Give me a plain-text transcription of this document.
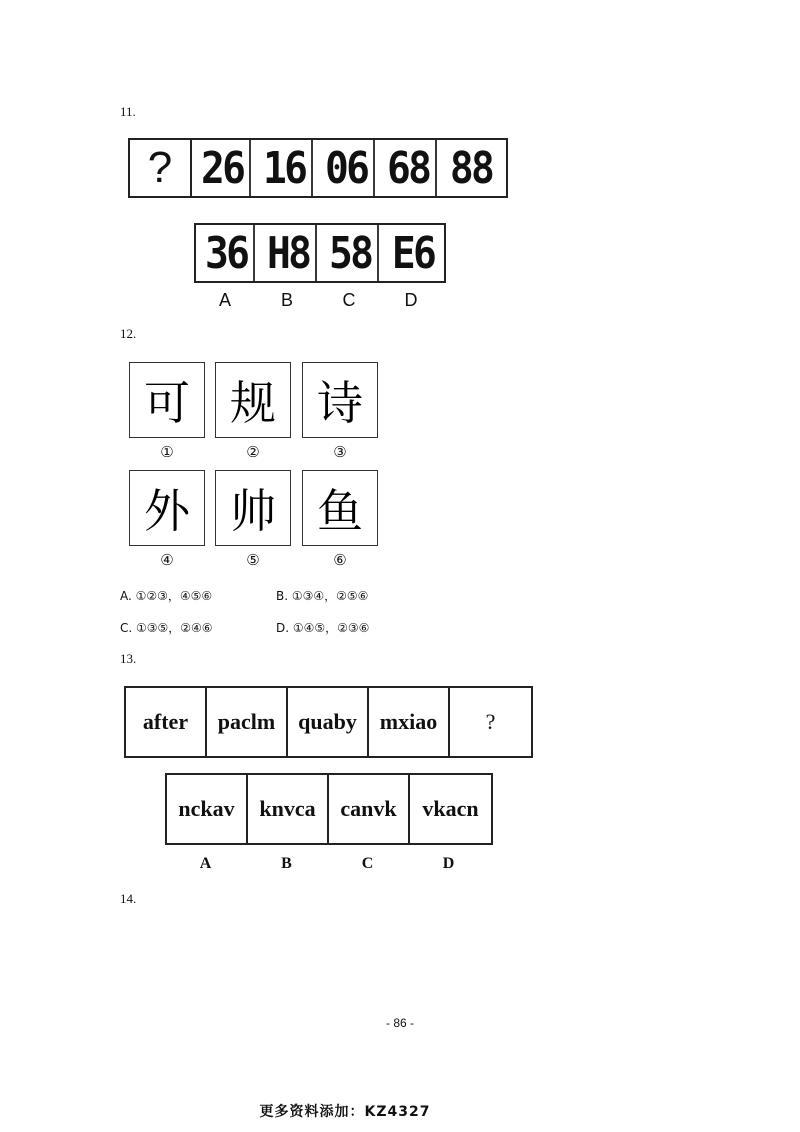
11.
? 26 16 06 68 88
36 H8 58 E6
A	B	C	D
12.
可 规 诗
①	②	③
外 帅 鱼
④	⑤	⑥
A. ①②③，④⑤⑥	B. ①③④，②⑤⑥
C. ①③⑤，②④⑥	D. ①④⑤，②③⑥
13.
after	paclm	quaby	mxiao	?
nckav	knvca	canvk	vkacn
A	B	C	D
14.
- 86 -
更多资料添加：KZ4327
